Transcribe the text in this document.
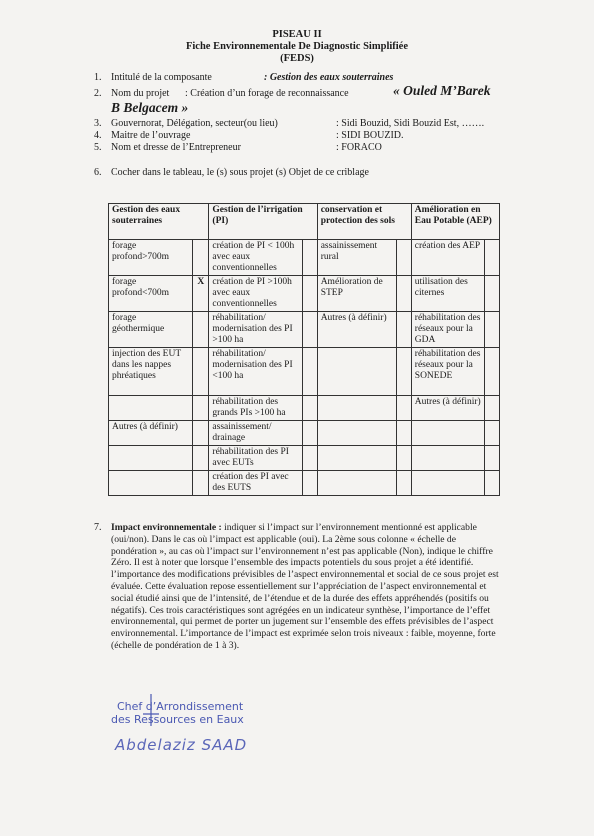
PISEAU II
Fiche Environnementale De Diagnostic Simplifiée
(FEDS)
1. Intitulé de la composante	: Gestion des eaux souterraines
2. Nom du projet : Création d’un forage de reconnaissance	« Ouled M’Barek
B Belgacem »
3. Gouvernorat, Délégation, secteur(ou lieu)	: Sidi Bouzid, Sidi Bouzid Est, …….
4. Maitre de l’ouvrage	: SIDI BOUZID.
5. Nom et dresse de l’Entrepreneur	: FORACO
6. Cocher dans le tableau, le (s) sous projet (s) Objet de ce criblage
Gestion des eaux souterraines		Gestion de l’irrigation (PI)		conservation et protection des sols		Amélioration en Eau Potable (AEP)	
forage profond>700m		création de PI < 100h avec eaux conventionnelles		assainissement rural		création des AEP	
forage profond<700m	X	création de PI >100h avec eaux conventionnelles		Amélioration de STEP		utilisation des citernes	
forage géothermique		réhabilitation/ modernisation des PI >100 ha		Autres (à définir)		réhabilitation des réseaux pour la GDA	
injection des EUT dans les nappes phréatiques		réhabilitation/ modernisation des PI <100 ha				réhabilitation des réseaux pour la SONEDE	
		réhabilitation des grands PIs >100 ha				Autres (à définir)	
Autres (à définir)		assainissement/ drainage					
		réhabilitation des PI avec EUTs					
		création des PI avec des EUTS					
7. Impact environnementale : indiquer si l’impact sur l’environnement mentionné est applicable (oui/non). Dans le cas où l’impact est applicable (oui). La 2ème sous colonne « échelle de pondération », au cas où l’impact sur l’environnement n’est pas applicable (Non), indique le chiffre Zéro. Il est à noter que lorsque l’ensemble des impacts potentiels du sous projet a été identifié. l’importance des modifications prévisibles de l’aspect environnemental et social de ce sous projet est évaluée. Cette évaluation repose essentiellement sur l’appréciation de l’aspect environnemental et social étudié ainsi que de l’intensité, de l’étendue et de la durée des effets appréhendés (positifs ou négatifs). Ces trois caractéristiques sont agrégées en un indicateur synthèse, l’importance de l’effet environnemental, qui permet de porter un jugement sur l’ensemble des effets prévisibles de l’aspect environnemental. L’importance de l’impact est exprimée selon trois niveaux : faible, moyenne, forte (échelle de pondération de 1 à 3).
Chef d’Arrondissement
des Ressources en Eaux
Abdelaziz SAAD
